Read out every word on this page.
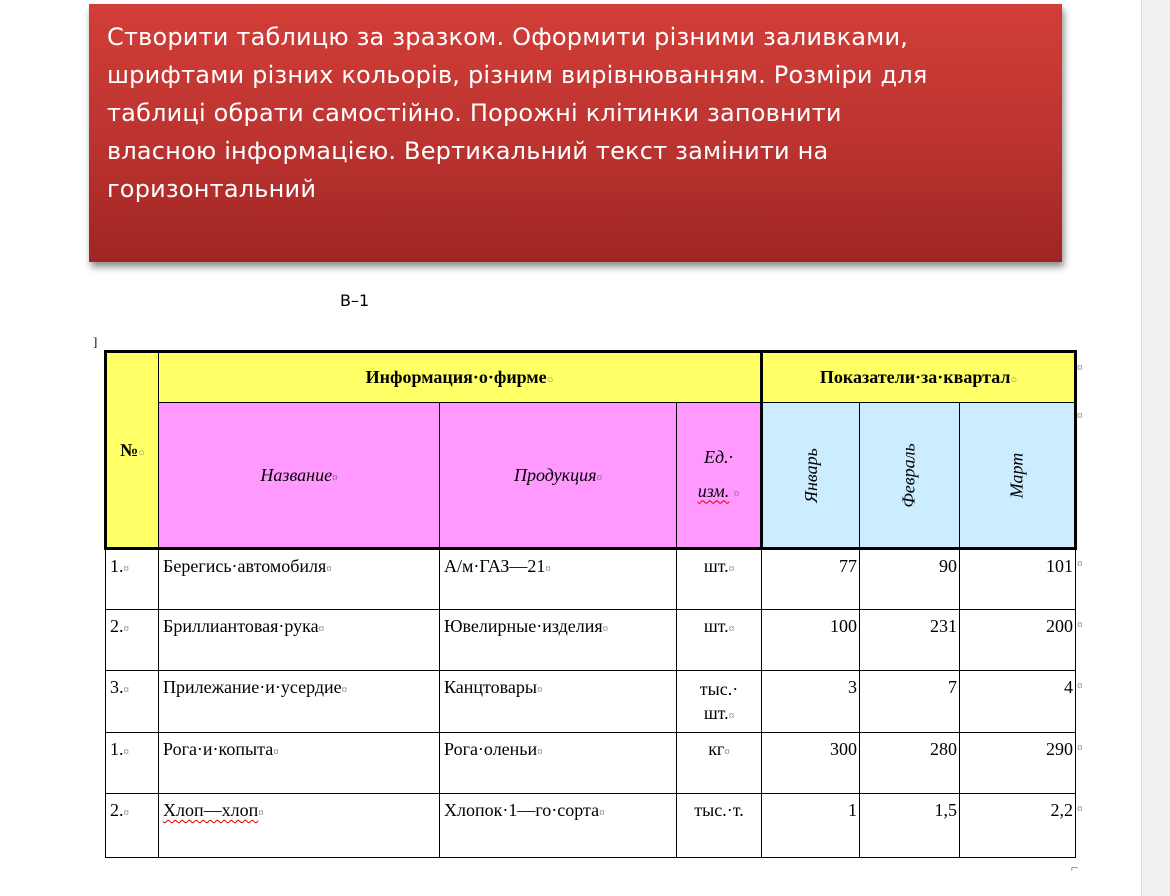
Створити таблицю за зразком. Оформити різними заливками,
шрифтами різних кольорів, різним вирівнюванням. Розміри для
таблиці обрати самостійно. Порожні клітинки заповнити
власною інформацією. Вертикальний текст замінити на
горизонтальний
В–1
]
⌐
№○	Информация·о·фирме○			Показатели·за·квартал○		
	Название¤	Продукция¤	Ед.·
изм. ¤	Январь	Февраль	Март
1.¤	Берегись·автомобиля¤	А/м·ГАЗ—21¤	шт.¤	77	90	101
2.¤	Бриллиантовая·рука¤	Ювелирные·изделия¤	шт.¤	100	231	200
3.¤	Прилежание·и·усердие¤	Канцтовары¤	тыс.·
шт.¤	3	7	4
1.¤	Рога·и·копыта¤	Рога·оленьи¤	кг¤	300	280	290
2.¤	Хлоп—хлоп¤	Хлопок·1—го·сорта¤	тыс.·т.	1	1,5	2,2
¤
¤
¤
¤
¤
¤
¤
